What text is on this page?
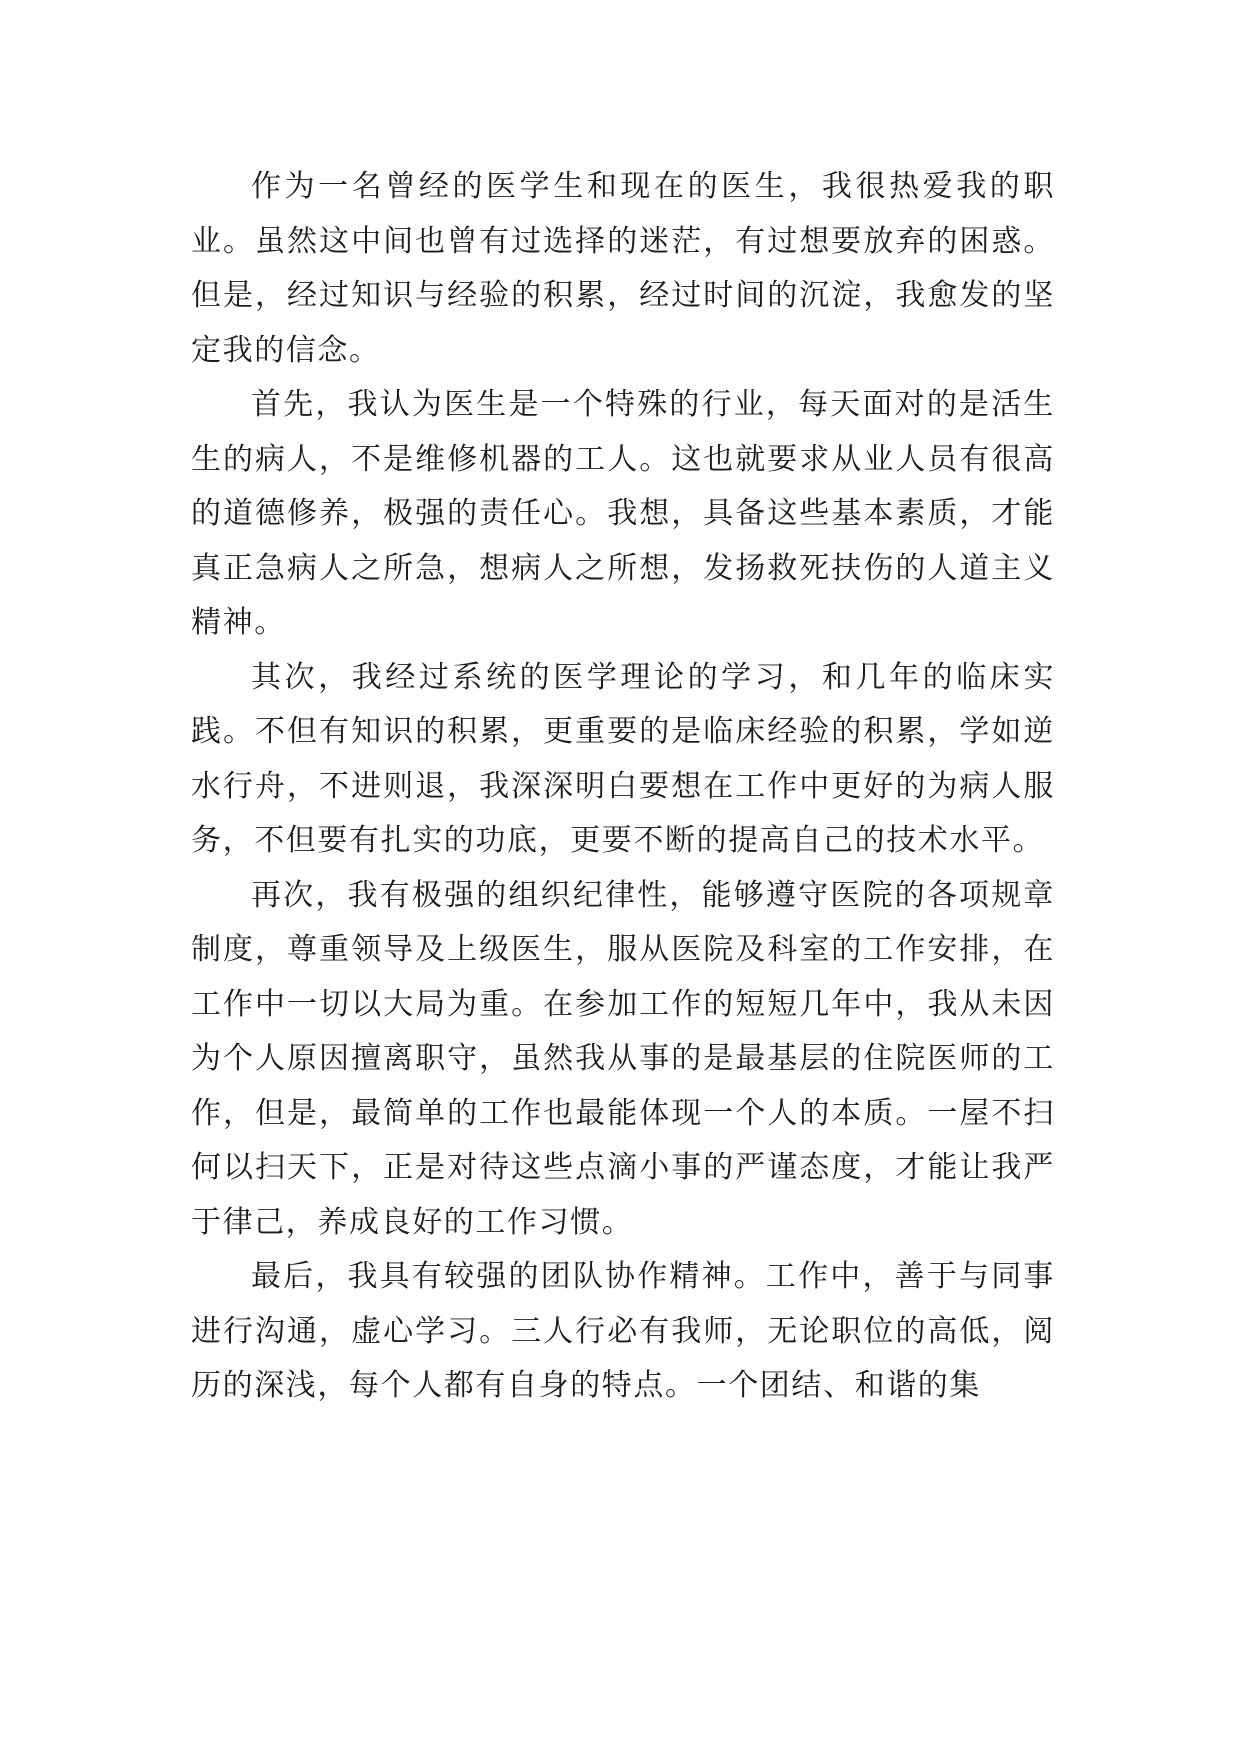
作为一名曾经的医学生和现在的医生，我很热爱我的职业。虽然这中间也曾有过选择的迷茫，有过想要放弃的困惑。但是，经过知识与经验的积累，经过时间的沉淀，我愈发的坚定我的信念。

首先，我认为医生是一个特殊的行业，每天面对的是活生生的病人，不是维修机器的工人。这也就要求从业人员有很高的道德修养，极强的责任心。我想，具备这些基本素质，才能真正急病人之所急，想病人之所想，发扬救死扶伤的人道主义精神。

其次，我经过系统的医学理论的学习，和几年的临床实践。不但有知识的积累，更重要的是临床经验的积累，学如逆水行舟，不进则退，我深深明白要想在工作中更好的为病人服务，不但要有扎实的功底，更要不断的提高自己的技术水平。

再次，我有极强的组织纪律性，能够遵守医院的各项规章制度，尊重领导及上级医生，服从医院及科室的工作安排，在工作中一切以大局为重。在参加工作的短短几年中，我从未因为个人原因擅离职守，虽然我从事的是最基层的住院医师的工作，但是，最简单的工作也最能体现一个人的本质。一屋不扫何以扫天下，正是对待这些点滴小事的严谨态度，才能让我严于律己，养成良好的工作习惯。

最后，我具有较强的团队协作精神。工作中，善于与同事进行沟通，虚心学习。三人行必有我师，无论职位的高低，阅历的深浅，每个人都有自身的特点。一个团结、和谐的集
